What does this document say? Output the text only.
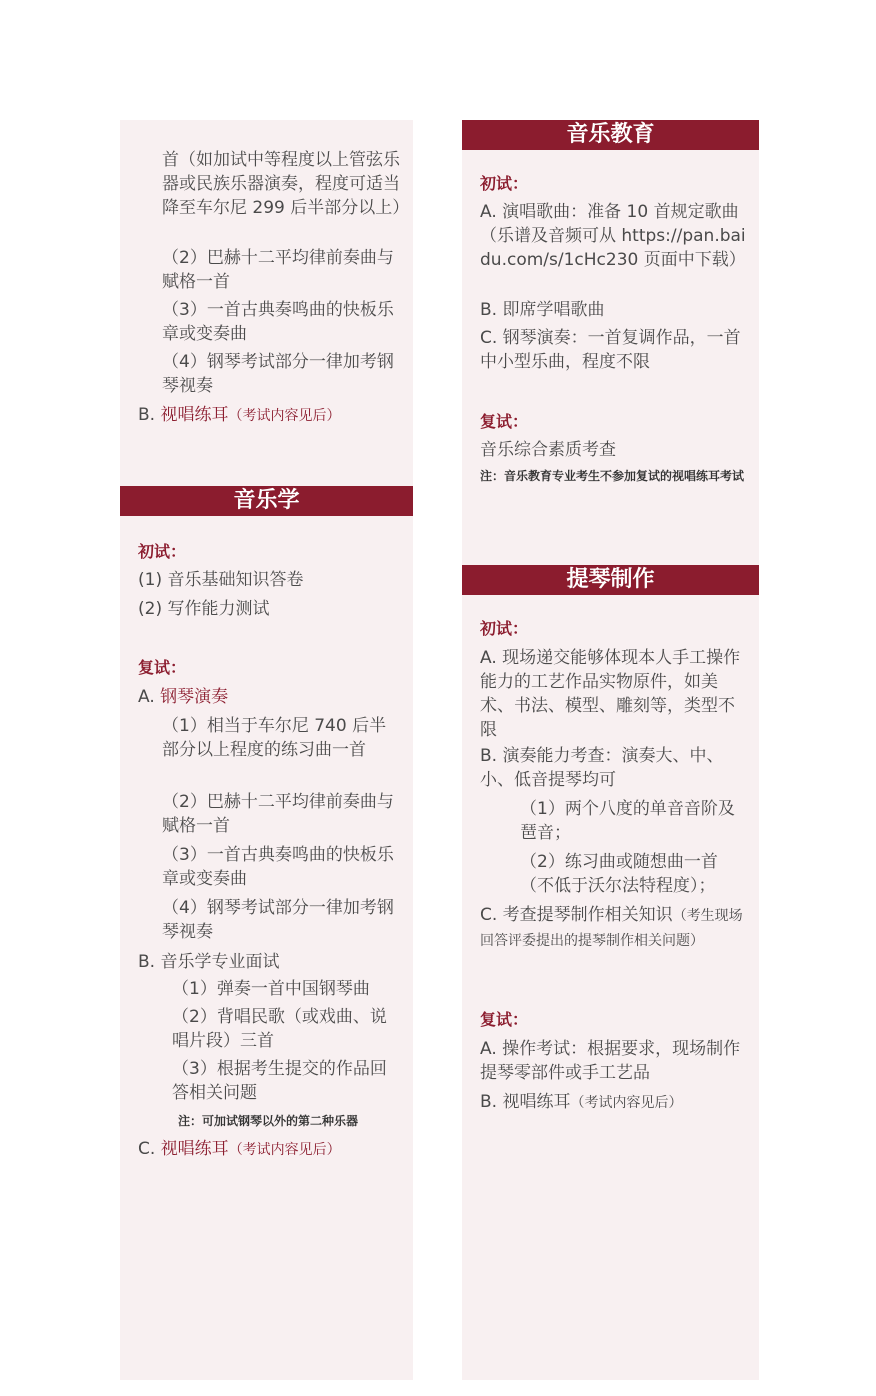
首（如加试中等程度以上管弦乐器或民族乐器演奏，程度可适当降至车尔尼 299 后半部分以上）

（2）巴赫十二平均律前奏曲与赋格一首

（3）一首古典奏鸣曲的快板乐章或变奏曲

（4）钢琴考试部分一律加考钢琴视奏

B. 视唱练耳（考试内容见后）

音乐学

初试：

(1) 音乐基础知识答卷

(2) 写作能力测试

复试：

A. 钢琴演奏

（1）相当于车尔尼 740 后半部分以上程度的练习曲一首

（2）巴赫十二平均律前奏曲与赋格一首

（3）一首古典奏鸣曲的快板乐章或变奏曲

（4）钢琴考试部分一律加考钢琴视奏

B. 音乐学专业面试

（1）弹奏一首中国钢琴曲

（2）背唱民歌（或戏曲、说唱片段）三首

（3）根据考生提交的作品回答相关问题

注：可加试钢琴以外的第二种乐器

C. 视唱练耳（考试内容见后）

音乐教育

初试：

A. 演唱歌曲：准备 10 首规定歌曲（乐谱及音频可从 https://pan.baidu.com/s/1cHc230 页面中下载）

B. 即席学唱歌曲

C. 钢琴演奏：一首复调作品，一首中小型乐曲，程度不限

复试：

音乐综合素质考查

注：音乐教育专业考生不参加复试的视唱练耳考试

提琴制作

初试：

A. 现场递交能够体现本人手工操作能力的工艺作品实物原件，如美术、书法、模型、雕刻等，类型不限

B. 演奏能力考查：演奏大、中、小、低音提琴均可

（1）两个八度的单音音阶及琶音；

（2）练习曲或随想曲一首（不低于沃尔法特程度）；

C. 考查提琴制作相关知识（考生现场回答评委提出的提琴制作相关问题）

复试：

A. 操作考试：根据要求，现场制作提琴零部件或手工艺品

B. 视唱练耳（考试内容见后）
